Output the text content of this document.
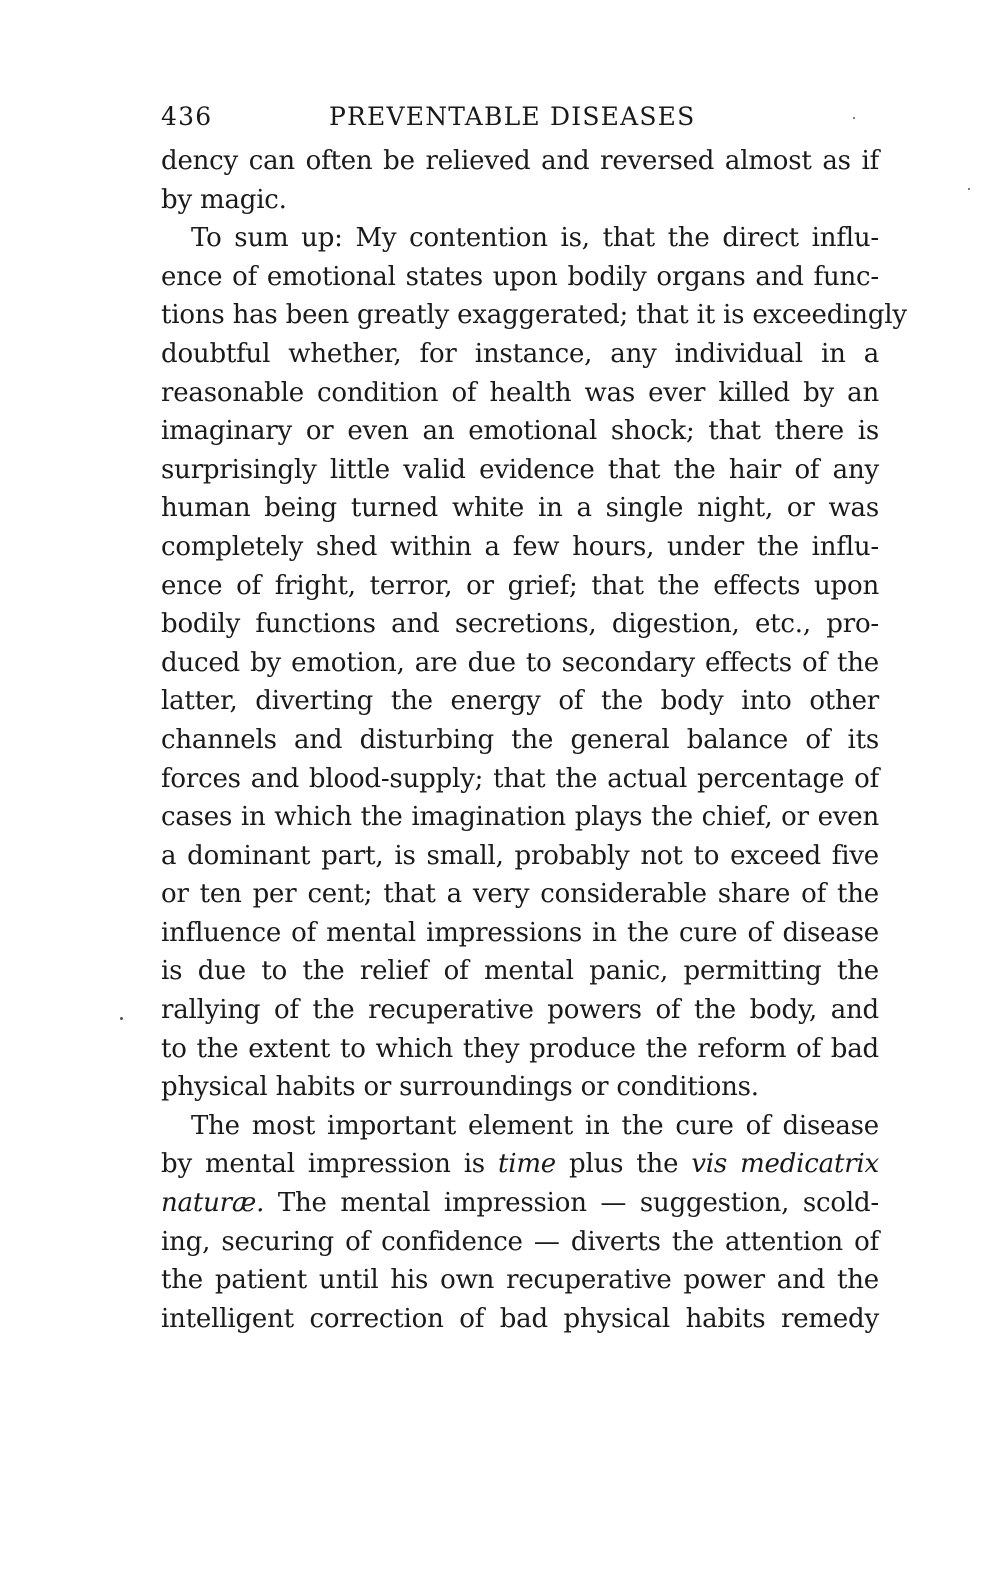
436	PREVENTABLE DISEASES
dency can often be relieved and reversed almost as if
by magic.
To sum up: My contention is, that the direct influ-
ence of emotional states upon bodily organs and func-
tions has been greatly exaggerated; that it is exceedingly
doubtful whether, for instance, any individual in a
reasonable condition of health was ever killed by an
imaginary or even an emotional shock; that there is
surprisingly little valid evidence that the hair of any
human being turned white in a single night, or was
completely shed within a few hours, under the influ-
ence of fright, terror, or grief; that the effects upon
bodily functions and secretions, digestion, etc., pro-
duced by emotion, are due to secondary effects of the
latter, diverting the energy of the body into other
channels and disturbing the general balance of its
forces and blood-supply; that the actual percentage of
cases in which the imagination plays the chief, or even
a dominant part, is small, probably not to exceed five
or ten per cent; that a very considerable share of the
influence of mental impressions in the cure of disease
is due to the relief of mental panic, permitting the
rallying of the recuperative powers of the body, and
to the extent to which they produce the reform of bad
physical habits or surroundings or conditions.
The most important element in the cure of disease
by mental impression is time plus the vis medicatrix
naturæ. The mental impression — suggestion, scold-
ing, securing of confidence — diverts the attention of
the patient until his own recuperative power and the
intelligent correction of bad physical habits remedy
